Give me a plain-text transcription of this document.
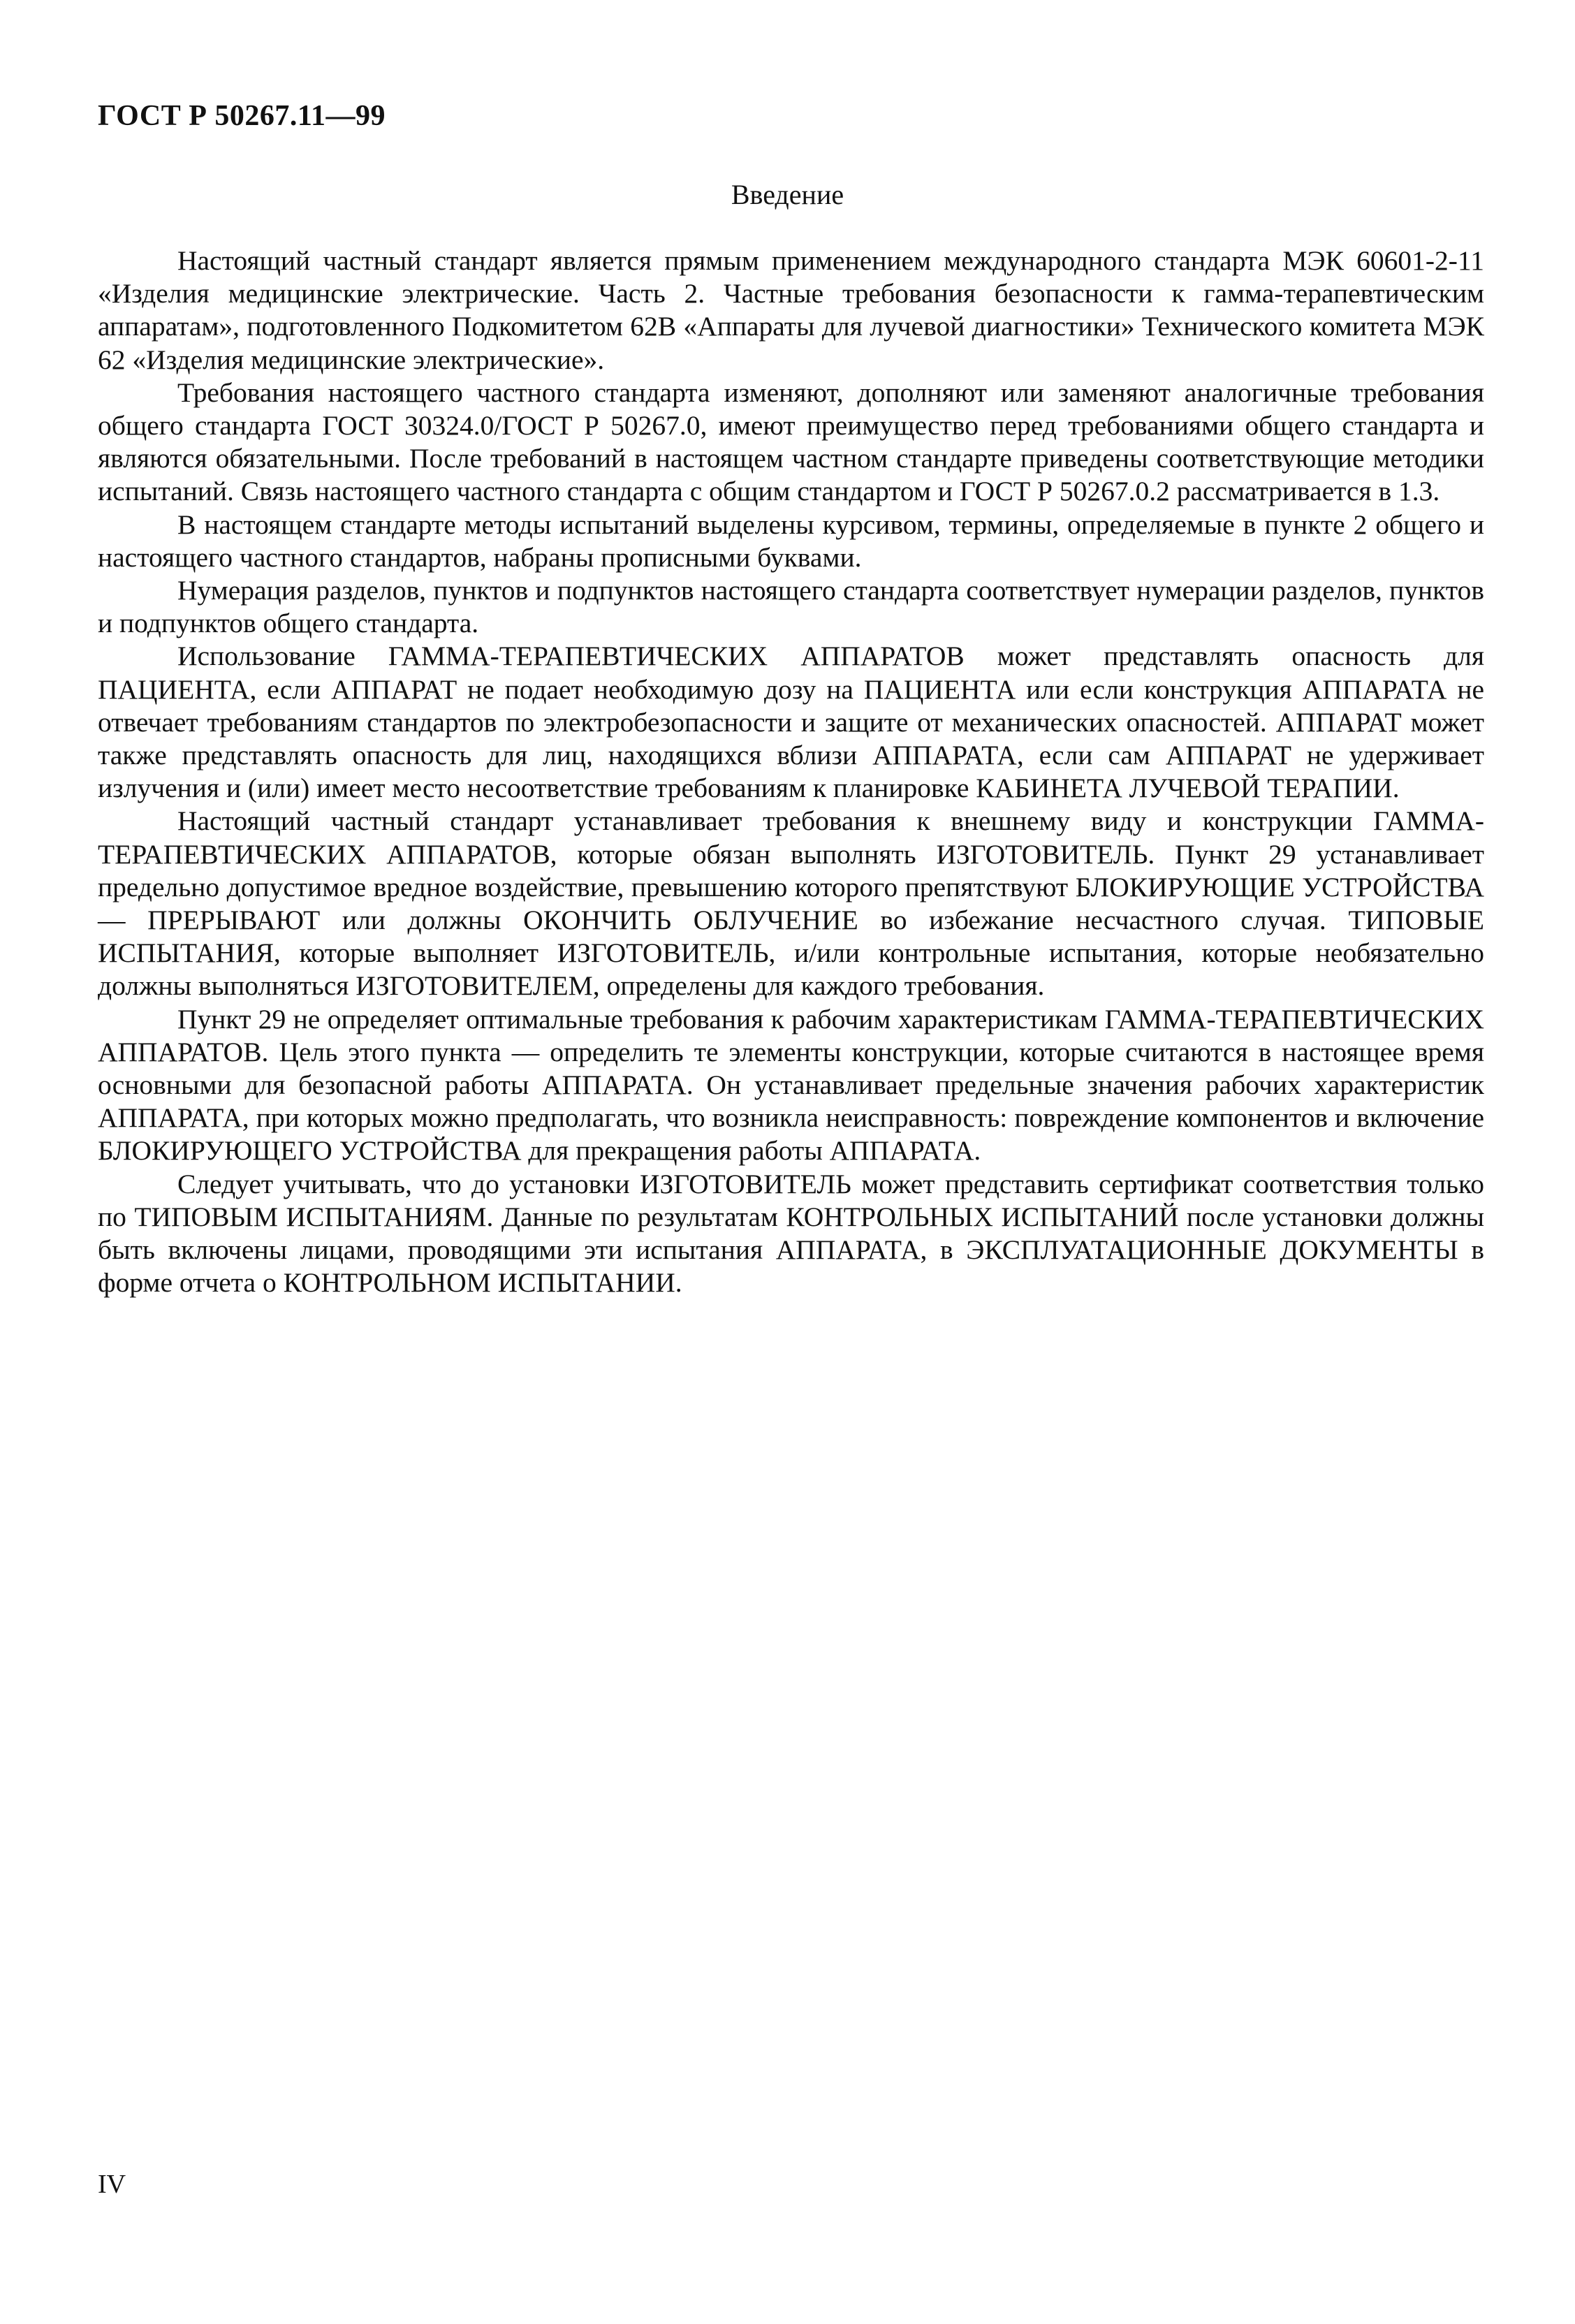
ГОСТ Р 50267.11—99
Введение

Настоящий частный стандарт является прямым применением международного стандарта МЭК 60601-2-11 «Изделия медицинские электрические. Часть 2. Частные требования безопасности к гамма-терапевтическим аппаратам», подготовленного Подкомитетом 62В «Аппараты для лучевой диагностики» Технического комитета МЭК 62 «Изделия медицинские электрические».

Требования настоящего частного стандарта изменяют, дополняют или заменяют аналогичные требования общего стандарта ГОСТ 30324.0/ГОСТ Р 50267.0, имеют преимущество перед требованиями общего стандарта и являются обязательными. После требований в настоящем частном стандарте приведены соответствующие методики испытаний. Связь настоящего частного стандарта с общим стандартом и ГОСТ Р 50267.0.2 рассматривается в 1.3.

В настоящем стандарте методы испытаний выделены курсивом, термины, определяемые в пункте 2 общего и настоящего частного стандартов, набраны прописными буквами.

Нумерация разделов, пунктов и подпунктов настоящего стандарта соответствует нумерации разделов, пунктов и подпунктов общего стандарта.

Использование ГАММА-ТЕРАПЕВТИЧЕСКИХ АППАРАТОВ может представлять опасность для ПАЦИЕНТА, если АППАРАТ не подает необходимую дозу на ПАЦИЕНТА или если конструкция АППАРАТА не отвечает требованиям стандартов по электробезопасности и защите от механических опасностей. АППАРАТ может также представлять опасность для лиц, находящихся вблизи АППАРАТА, если сам АППАРАТ не удерживает излучения и (или) имеет место несоответствие требованиям к планировке КАБИНЕТА ЛУЧЕВОЙ ТЕРАПИИ.

Настоящий частный стандарт устанавливает требования к внешнему виду и конструкции ГАММА-ТЕРАПЕВТИЧЕСКИХ АППАРАТОВ, которые обязан выполнять ИЗГОТОВИТЕЛЬ. Пункт 29 устанавливает предельно допустимое вредное воздействие, превышению которого препятствуют БЛОКИРУЮЩИЕ УСТРОЙСТВА — ПРЕРЫВАЮТ или должны ОКОНЧИТЬ ОБЛУЧЕНИЕ во избежание несчастного случая. ТИПОВЫЕ ИСПЫТАНИЯ, которые выполняет ИЗГОТОВИТЕЛЬ, и/или контрольные испытания, которые необязательно должны выполняться ИЗГОТОВИТЕЛЕМ, определены для каждого требования.

Пункт 29 не определяет оптимальные требования к рабочим характеристикам ГАММА-ТЕРАПЕВТИЧЕСКИХ АППАРАТОВ. Цель этого пункта — определить те элементы конструкции, которые считаются в настоящее время основными для безопасной работы АППАРАТА. Он устанавливает предельные значения рабочих характеристик АППАРАТА, при которых можно предполагать, что возникла неисправность: повреждение компонентов и включение БЛОКИРУЮЩЕГО УСТРОЙСТВА для прекращения работы АППАРАТА.

Следует учитывать, что до установки ИЗГОТОВИТЕЛЬ может представить сертификат соответствия только по ТИПОВЫМ ИСПЫТАНИЯМ. Данные по результатам КОНТРОЛЬНЫХ ИСПЫТАНИЙ после установки должны быть включены лицами, проводящими эти испытания АППАРАТА, в ЭКСПЛУАТАЦИОННЫЕ ДОКУМЕНТЫ в форме отчета о КОНТРОЛЬНОМ ИСПЫТАНИИ.

IV
